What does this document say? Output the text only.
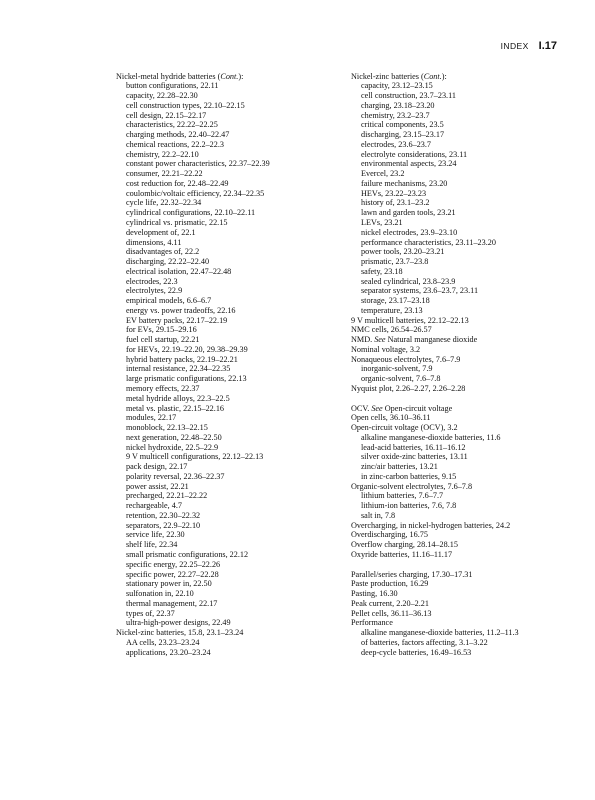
INDEX I.17
Nickel-metal hydride batteries (Cont.):
button configurations, 22.11
capacity, 22.28–22.30
cell construction types, 22.10–22.15
cell design, 22.15–22.17
characteristics, 22.22–22.25
charging methods, 22.40–22.47
chemical reactions, 22.2–22.3
chemistry, 22.2–22.10
constant power characteristics, 22.37–22.39
consumer, 22.21–22.22
cost reduction for, 22.48–22.49
coulombic/voltaic efficiency, 22.34–22.35
cycle life, 22.32–22.34
cylindrical configurations, 22.10–22.11
cylindrical vs. prismatic, 22.15
development of, 22.1
dimensions, 4.11
disadvantages of, 22.2
discharging, 22.22–22.40
electrical isolation, 22.47–22.48
electrodes, 22.3
electrolytes, 22.9
empirical models, 6.6–6.7
energy vs. power tradeoffs, 22.16
EV battery packs, 22.17–22.19
for EVs, 29.15–29.16
fuel cell startup, 22.21
for HEVs, 22.19–22.20, 29.38–29.39
hybrid battery packs, 22.19–22.21
internal resistance, 22.34–22.35
large prismatic configurations, 22.13
memory effects, 22.37
metal hydride alloys, 22.3–22.5
metal vs. plastic, 22.15–22.16
modules, 22.17
monoblock, 22.13–22.15
next generation, 22.48–22.50
nickel hydroxide, 22.5–22.9
9 V multicell configurations, 22.12–22.13
pack design, 22.17
polarity reversal, 22.36–22.37
power assist, 22.21
precharged, 22.21–22.22
rechargeable, 4.7
retention, 22.30–22.32
separators, 22.9–22.10
service life, 22.30
shelf life, 22.34
small prismatic configurations, 22.12
specific energy, 22.25–22.26
specific power, 22.27–22.28
stationary power in, 22.50
sulfonation in, 22.10
thermal management, 22.17
types of, 22.37
ultra-high-power designs, 22.49
Nickel-zinc batteries, 15.8, 23.1–23.24
AA cells, 23.23–23.24
applications, 23.20–23.24
Nickel-zinc batteries (Cont.):
capacity, 23.12–23.15
cell construction, 23.7–23.11
charging, 23.18–23.20
chemistry, 23.2–23.7
critical components, 23.5
discharging, 23.15–23.17
electrodes, 23.6–23.7
electrolyte considerations, 23.11
environmental aspects, 23.24
Evercel, 23.2
failure mechanisms, 23.20
HEVs, 23.22–23.23
history of, 23.1–23.2
lawn and garden tools, 23.21
LEVs, 23.21
nickel electrodes, 23.9–23.10
performance characteristics, 23.11–23.20
power tools, 23.20–23.21
prismatic, 23.7–23.8
safety, 23.18
sealed cylindrical, 23.8–23.9
separator systems, 23.6–23.7, 23.11
storage, 23.17–23.18
temperature, 23.13
9 V multicell batteries, 22.12–22.13
NMC cells, 26.54–26.57
NMD. See Natural manganese dioxide
Nominal voltage, 3.2
Nonaqueous electrolytes, 7.6–7.9
inorganic-solvent, 7.9
organic-solvent, 7.6–7.8
Nyquist plot, 2.26–2.27, 2.26–2.28
OCV. See Open-circuit voltage
Open cells, 36.10–36.11
Open-circuit voltage (OCV), 3.2
alkaline manganese-dioxide batteries, 11.6
lead-acid batteries, 16.11–16.12
silver oxide-zinc batteries, 13.11
zinc/air batteries, 13.21
in zinc-carbon batteries, 9.15
Organic-solvent electrolytes, 7.6–7.8
lithium batteries, 7.6–7.7
lithium-ion batteries, 7.6, 7.8
salt in, 7.8
Overcharging, in nickel-hydrogen batteries, 24.2
Overdischarging, 16.75
Overflow charging, 28.14–28.15
Oxyride batteries, 11.16–11.17
Parallel/series charging, 17.30–17.31
Paste production, 16.29
Pasting, 16.30
Peak current, 2.20–2.21
Pellet cells, 36.11–36.13
Performance
alkaline manganese-dioxide batteries, 11.2–11.3
of batteries, factors affecting, 3.1–3.22
deep-cycle batteries, 16.49–16.53
